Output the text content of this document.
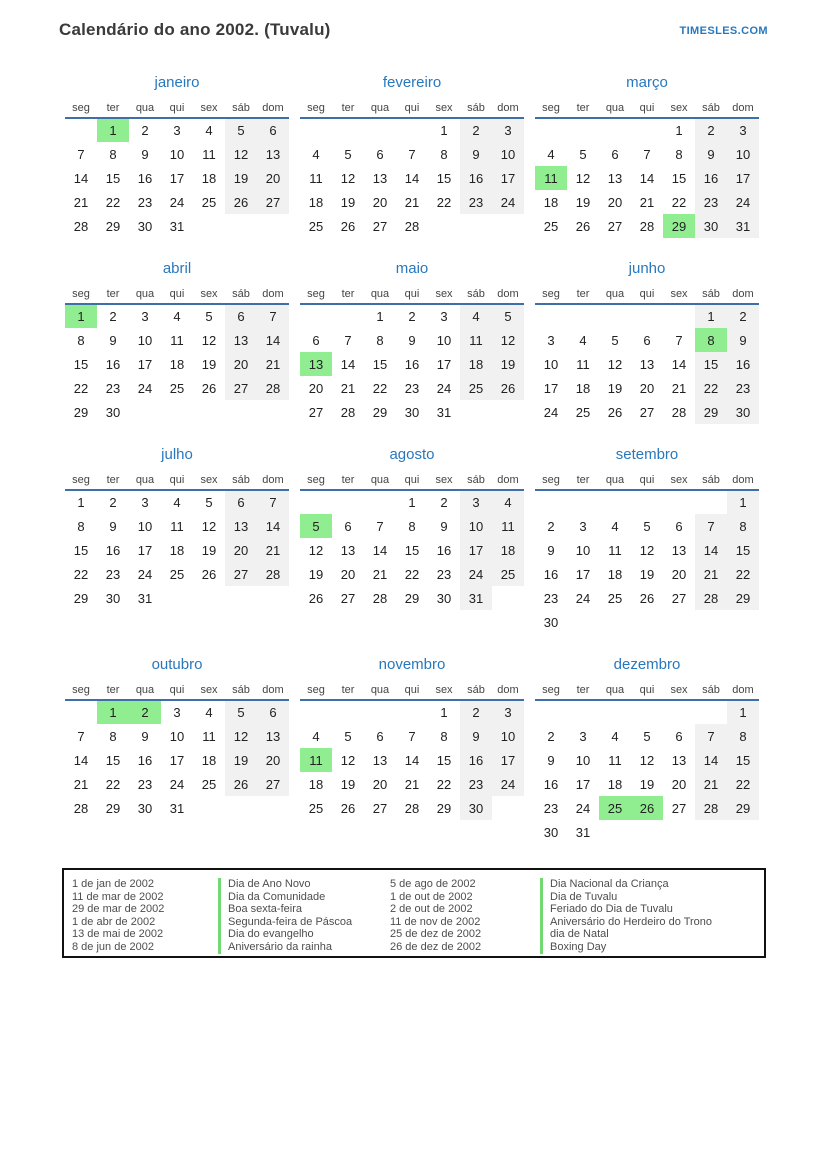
Calendário do ano 2002. (Tuvalu)	TIMESLES.COM
janeiro
seg	ter	qua	qui	sex	sáb	dom
	1	2	3	4	5	6
7	8	9	10	11	12	13
14	15	16	17	18	19	20
21	22	23	24	25	26	27
28	29	30	31			
fevereiro
seg	ter	qua	qui	sex	sáb	dom
				1	2	3
4	5	6	7	8	9	10
11	12	13	14	15	16	17
18	19	20	21	22	23	24
25	26	27	28			
março
seg	ter	qua	qui	sex	sáb	dom
				1	2	3
4	5	6	7	8	9	10
11	12	13	14	15	16	17
18	19	20	21	22	23	24
25	26	27	28	29	30	31
abril
seg	ter	qua	qui	sex	sáb	dom
1	2	3	4	5	6	7
8	9	10	11	12	13	14
15	16	17	18	19	20	21
22	23	24	25	26	27	28
29	30					
maio
seg	ter	qua	qui	sex	sáb	dom
		1	2	3	4	5
6	7	8	9	10	11	12
13	14	15	16	17	18	19
20	21	22	23	24	25	26
27	28	29	30	31		
junho
seg	ter	qua	qui	sex	sáb	dom
					1	2
3	4	5	6	7	8	9
10	11	12	13	14	15	16
17	18	19	20	21	22	23
24	25	26	27	28	29	30
julho
seg	ter	qua	qui	sex	sáb	dom
1	2	3	4	5	6	7
8	9	10	11	12	13	14
15	16	17	18	19	20	21
22	23	24	25	26	27	28
29	30	31				
agosto
seg	ter	qua	qui	sex	sáb	dom
			1	2	3	4
5	6	7	8	9	10	11
12	13	14	15	16	17	18
19	20	21	22	23	24	25
26	27	28	29	30	31	
setembro
seg	ter	qua	qui	sex	sáb	dom
						1
2	3	4	5	6	7	8
9	10	11	12	13	14	15
16	17	18	19	20	21	22
23	24	25	26	27	28	29
30						
outubro
seg	ter	qua	qui	sex	sáb	dom
	1	2	3	4	5	6
7	8	9	10	11	12	13
14	15	16	17	18	19	20
21	22	23	24	25	26	27
28	29	30	31			
novembro
seg	ter	qua	qui	sex	sáb	dom
				1	2	3
4	5	6	7	8	9	10
11	12	13	14	15	16	17
18	19	20	21	22	23	24
25	26	27	28	29	30	
dezembro
seg	ter	qua	qui	sex	sáb	dom
						1
2	3	4	5	6	7	8
9	10	11	12	13	14	15
16	17	18	19	20	21	22
23	24	25	26	27	28	29
30	31					
1 de jan de 2002	Dia de Ano Novo	5 de ago de 2002	Dia Nacional da Criança
11 de mar de 2002	Dia da Comunidade	1 de out de 2002	Dia de Tuvalu
29 de mar de 2002	Boa sexta-feira	2 de out de 2002	Feriado do Dia de Tuvalu
1 de abr de 2002	Segunda-feira de Páscoa	11 de nov de 2002	Aniversário do Herdeiro do Trono
13 de mai de 2002	Dia do evangelho	25 de dez de 2002	dia de Natal
8 de jun de 2002	Aniversário da rainha	26 de dez de 2002	Boxing Day
